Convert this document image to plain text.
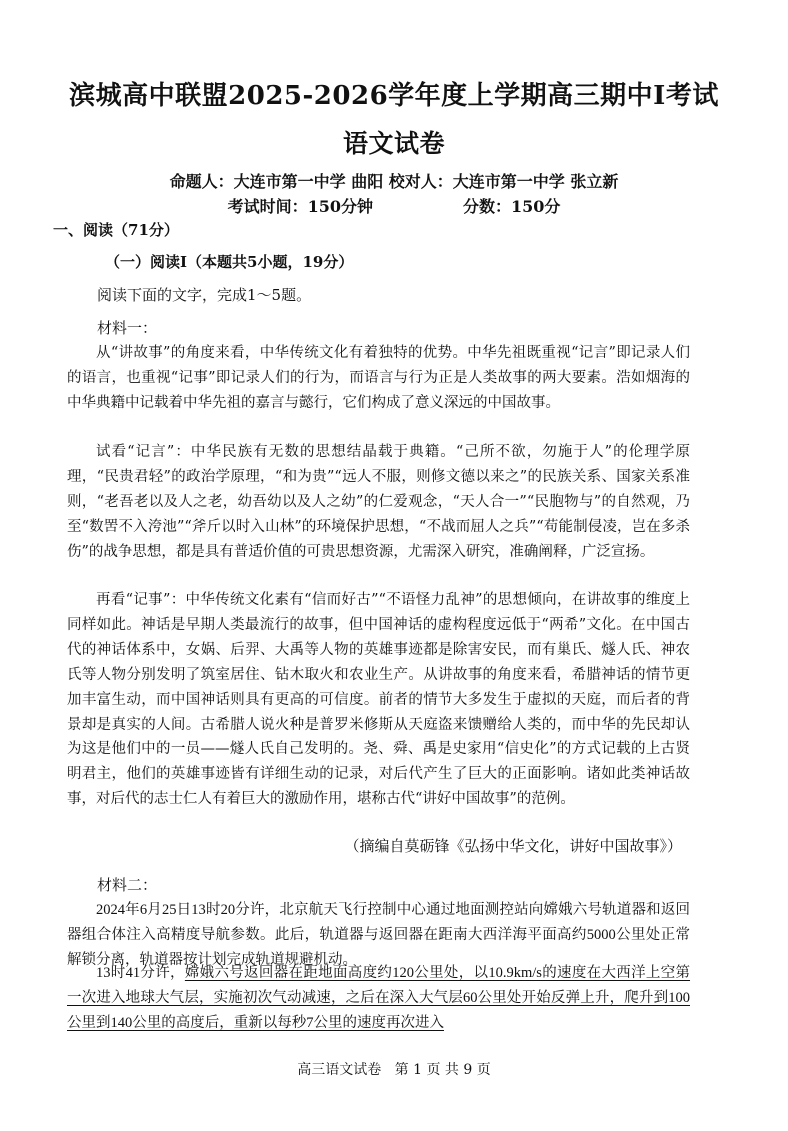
滨城高中联盟2025-2026学年度上学期高三期中Ⅰ考试
语文试卷
命题人：大连市第一中学 曲阳 校对人：大连市第一中学 张立新
考试时间：150分钟	分数：150分
一、阅读（71分）
（一）阅读Ⅰ（本题共5小题，19分）
阅读下面的文字，完成1～5题。
材料一：
从“讲故事”的角度来看，中华传统文化有着独特的优势。中华先祖既重视“记言”即记录人们的语言，也重视“记事”即记录人们的行为，而语言与行为正是人类故事的两大要素。浩如烟海的中华典籍中记载着中华先祖的嘉言与懿行，它们构成了意义深远的中国故事。
试看“记言”：中华民族有无数的思想结晶载于典籍。“己所不欲，勿施于人”的伦理学原理，“民贵君轻”的政治学原理，“和为贵”“远人不服，则修文德以来之”的民族关系、国家关系准则，“老吾老以及人之老，幼吾幼以及人之幼”的仁爱观念，“天人合一”“民胞物与”的自然观，乃至“数罟不入洿池”“斧斤以时入山林”的环境保护思想，“不战而屈人之兵”“苟能制侵凌，岂在多杀伤”的战争思想，都是具有普适价值的可贵思想资源，尤需深入研究，准确阐释，广泛宣扬。
再看“记事”：中华传统文化素有“信而好古”“不语怪力乱神”的思想倾向，在讲故事的维度上同样如此。神话是早期人类最流行的故事，但中国神话的虚构程度远低于“两希”文化。在中国古代的神话体系中，女娲、后羿、大禹等人物的英雄事迹都是除害安民，而有巢氏、燧人氏、神农氏等人物分别发明了筑室居住、钻木取火和农业生产。从讲故事的角度来看，希腊神话的情节更加丰富生动，而中国神话则具有更高的可信度。前者的情节大多发生于虚拟的天庭，而后者的背景却是真实的人间。古希腊人说火种是普罗米修斯从天庭盗来馈赠给人类的，而中华的先民却认为这是他们中的一员——燧人氏自己发明的。尧、舜、禹是史家用“信史化”的方式记载的上古贤明君主，他们的英雄事迹皆有详细生动的记录，对后代产生了巨大的正面影响。诸如此类神话故事，对后代的志士仁人有着巨大的激励作用，堪称古代“讲好中国故事”的范例。
（摘编自莫砺锋《弘扬中华文化，讲好中国故事》）
材料二：
2024年6月25日13时20分许，北京航天飞行控制中心通过地面测控站向嫦娥六号轨道器和返回器组合体注入高精度导航参数。此后，轨道器与返回器在距南大西洋海平面高约5000公里处正常解锁分离，轨道器按计划完成轨道规避机动。
13时41分许，嫦娥六号返回器在距地面高度约120公里处，以10.9km/s的速度在大西洋上空第一次进入地球大气层，实施初次气动减速，之后在深入大气层60公里处开始反弹上升，爬升到100公里到140公里的高度后，重新以每秒7公里的速度再次进入
高三语文试卷   第 1 页 共 9 页
